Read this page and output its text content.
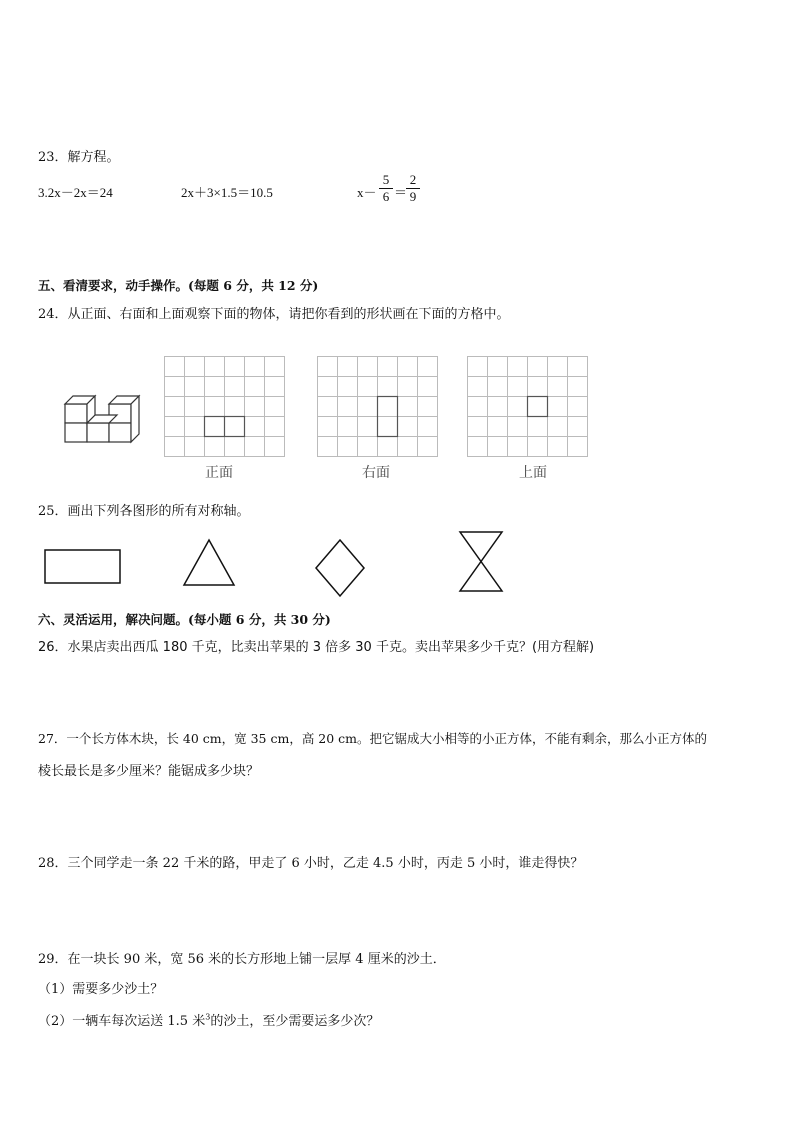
23．解方程。
3.2x－2x＝24	2x＋3×1.5＝10.5	$x- \frac{5}{6}$ ＝
$\frac{2}{9}$
五、看清要求，动手操作。(每题 6 分，共 12 分)
24．从正面、右面和上面观察下面的物体，请把你看到的形状画在下面的方格中。
正面	右面	上面
25．画出下列各图形的所有对称轴。
六、灵活运用，解决问题。(每小题 6 分，共 30 分)
26．水果店卖出西瓜 180 千克，比卖出苹果的 3 倍多 30 千克。卖出苹果多少千克？(用方程解)
27．一个长方体木块，长 40 cm，宽 35 cm，高 20 cm。把它锯成大小相等的小正方体，不能有剩余，那么小正方体的
棱长最长是多少厘米？能锯成多少块？
28．三个同学走一条 22 千米的路，甲走了 6 小时，乙走 4.5 小时，丙走 5 小时，谁走得快？
29．在一块长 90 米，宽 56 米的长方形地上铺一层厚 4 厘米的沙土．
（1）需要多少沙土？
（2）一辆车每次运送 1.5 米$^3$的沙土，至少需要运多少次？
